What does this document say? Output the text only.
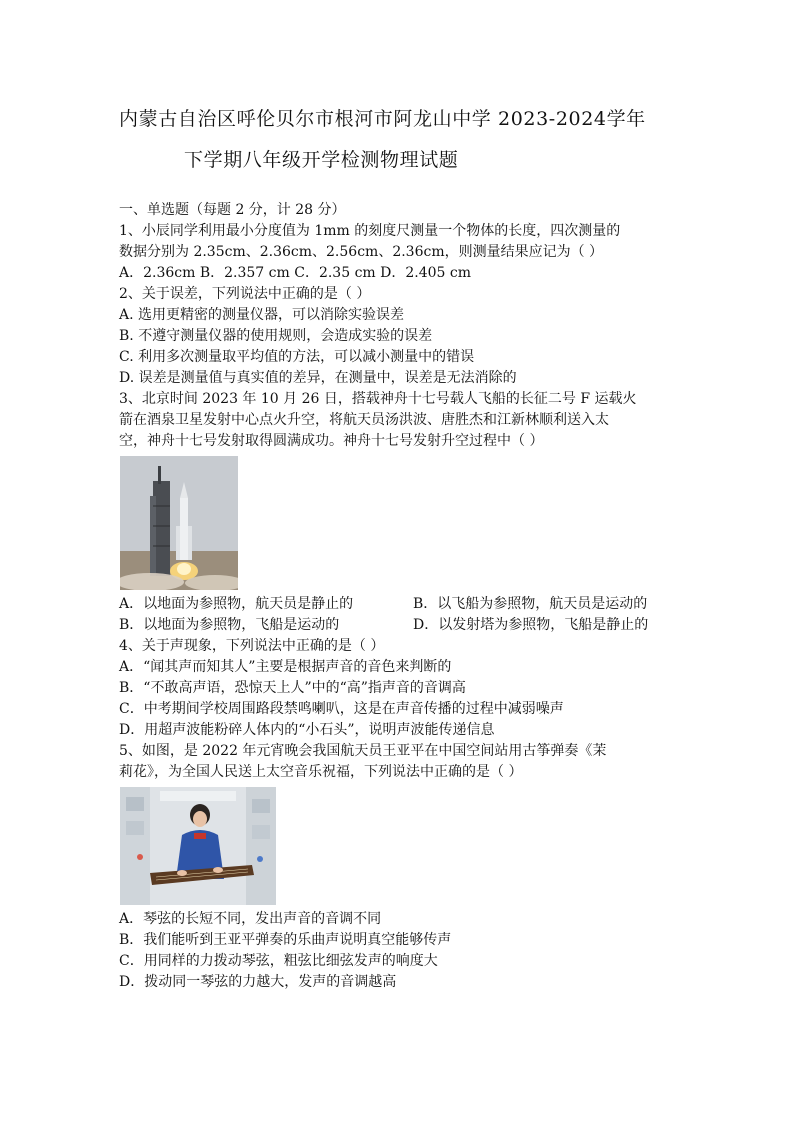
内蒙古自治区呼伦贝尔市根河市阿龙山中学 2023-2024学年
下学期八年级开学检测物理试题
一、单选题（每题 2 分，计 28 分）
1、小辰同学利用最小分度值为 1mm 的刻度尺测量一个物体的长度，四次测量的
数据分别为 2.35cm、2.36cm、2.56cm、2.36cm，则测量结果应记为（ ）
A．2.36cm B．2.357 cm C．2.35 cm D．2.405 cm
2、关于误差，下列说法中正确的是（ ）
A. 选用更精密的测量仪器，可以消除实验误差
B. 不遵守测量仪器的使用规则，会造成实验的误差
C. 利用多次测量取平均值的方法，可以减小测量中的错误
D. 误差是测量值与真实值的差异，在测量中，误差是无法消除的
3、北京时间 2023 年 10 月 26 日，搭载神舟十七号载人飞船的长征二号 F 运载火
箭在酒泉卫星发射中心点火升空，将航天员汤洪波、唐胜杰和江新林顺利送入太
空，神舟十七号发射取得圆满成功。神舟十七号发射升空过程中（ ）
A．以地面为参照物，航天员是静止的	B．以飞船为参照物，航天员是运动的
B．以地面为参照物，飞船是运动的	D．以发射塔为参照物，飞船是静止的
4、关于声现象，下列说法中正确的是（ ）
A．“闻其声而知其人”主要是根据声音的音色来判断的
B．“不敢高声语，恐惊天上人”中的“高”指声音的音调高
C．中考期间学校周围路段禁鸣喇叭，这是在声音传播的过程中减弱噪声
D．用超声波能粉碎人体内的“小石头”，说明声波能传递信息
5、如图，是 2022 年元宵晚会我国航天员王亚平在中国空间站用古筝弹奏《茉
莉花》，为全国人民送上太空音乐祝福，下列说法中正确的是（ ）
A．琴弦的长短不同，发出声音的音调不同
B．我们能听到王亚平弹奏的乐曲声说明真空能够传声
C．用同样的力拨动琴弦，粗弦比细弦发声的响度大
D．拨动同一琴弦的力越大，发声的音调越高
